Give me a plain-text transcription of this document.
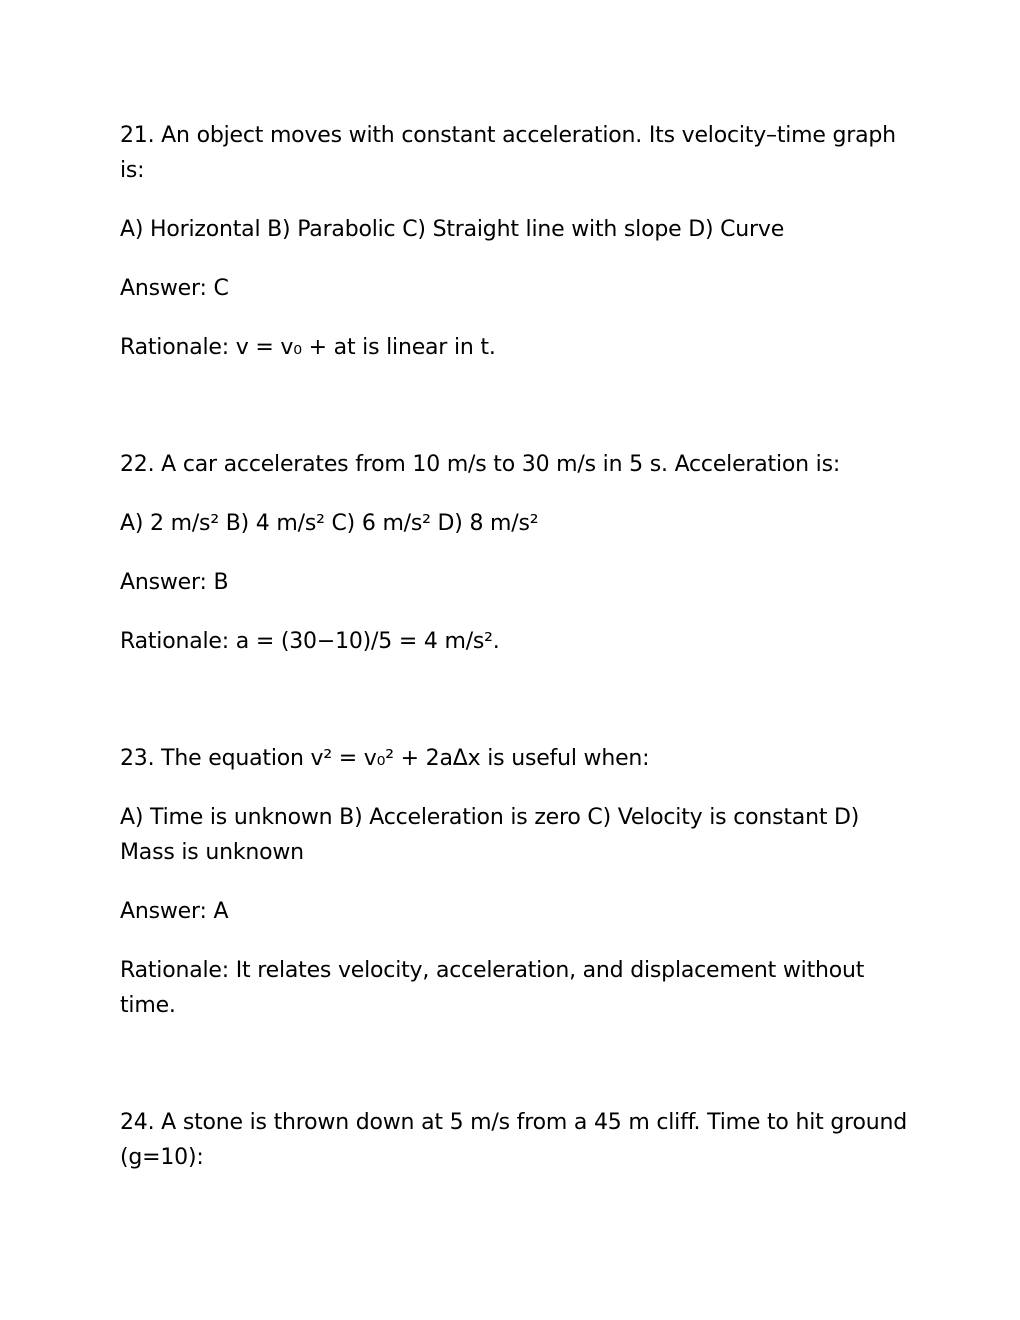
21. An object moves with constant acceleration. Its velocity–time graph is:

A) Horizontal B) Parabolic C) Straight line with slope D) Curve

Answer: C

Rationale: v = v₀ + at is linear in t.

22. A car accelerates from 10 m/s to 30 m/s in 5 s. Acceleration is:

A) 2 m/s² B) 4 m/s² C) 6 m/s² D) 8 m/s²

Answer: B

Rationale: a = (30−10)/5 = 4 m/s².

23. The equation v² = v₀² + 2aΔx is useful when:

A) Time is unknown B) Acceleration is zero C) Velocity is constant D) Mass is unknown

Answer: A

Rationale: It relates velocity, acceleration, and displacement without time.

24. A stone is thrown down at 5 m/s from a 45 m cliff. Time to hit ground (g=10):
